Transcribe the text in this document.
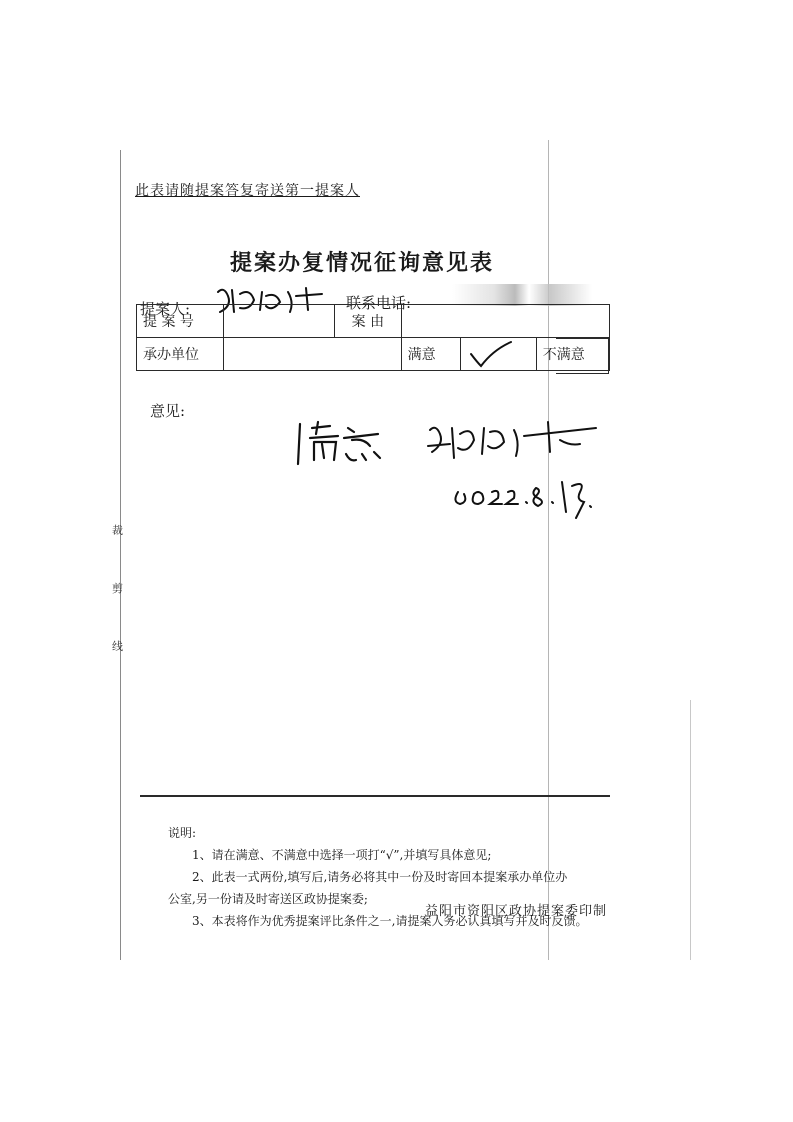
此表请随提案答复寄送第一提案人
提案办复情况征询意见表
提案人:	联系电话:
提 案 号		案 由			
承办单位			满意		不满意
意见:
裁
剪
线
说明:
1、请在满意、不满意中选择一项打“√”,并填写具体意见;
2、此表一式两份,填写后,请务必将其中一份及时寄回本提案承办单位办
公室,另一份请及时寄送区政协提案委;
3、本表将作为优秀提案评比条件之一,请提案人务必认真填写并及时反馈。
益阳市资阳区政协提案委印制
